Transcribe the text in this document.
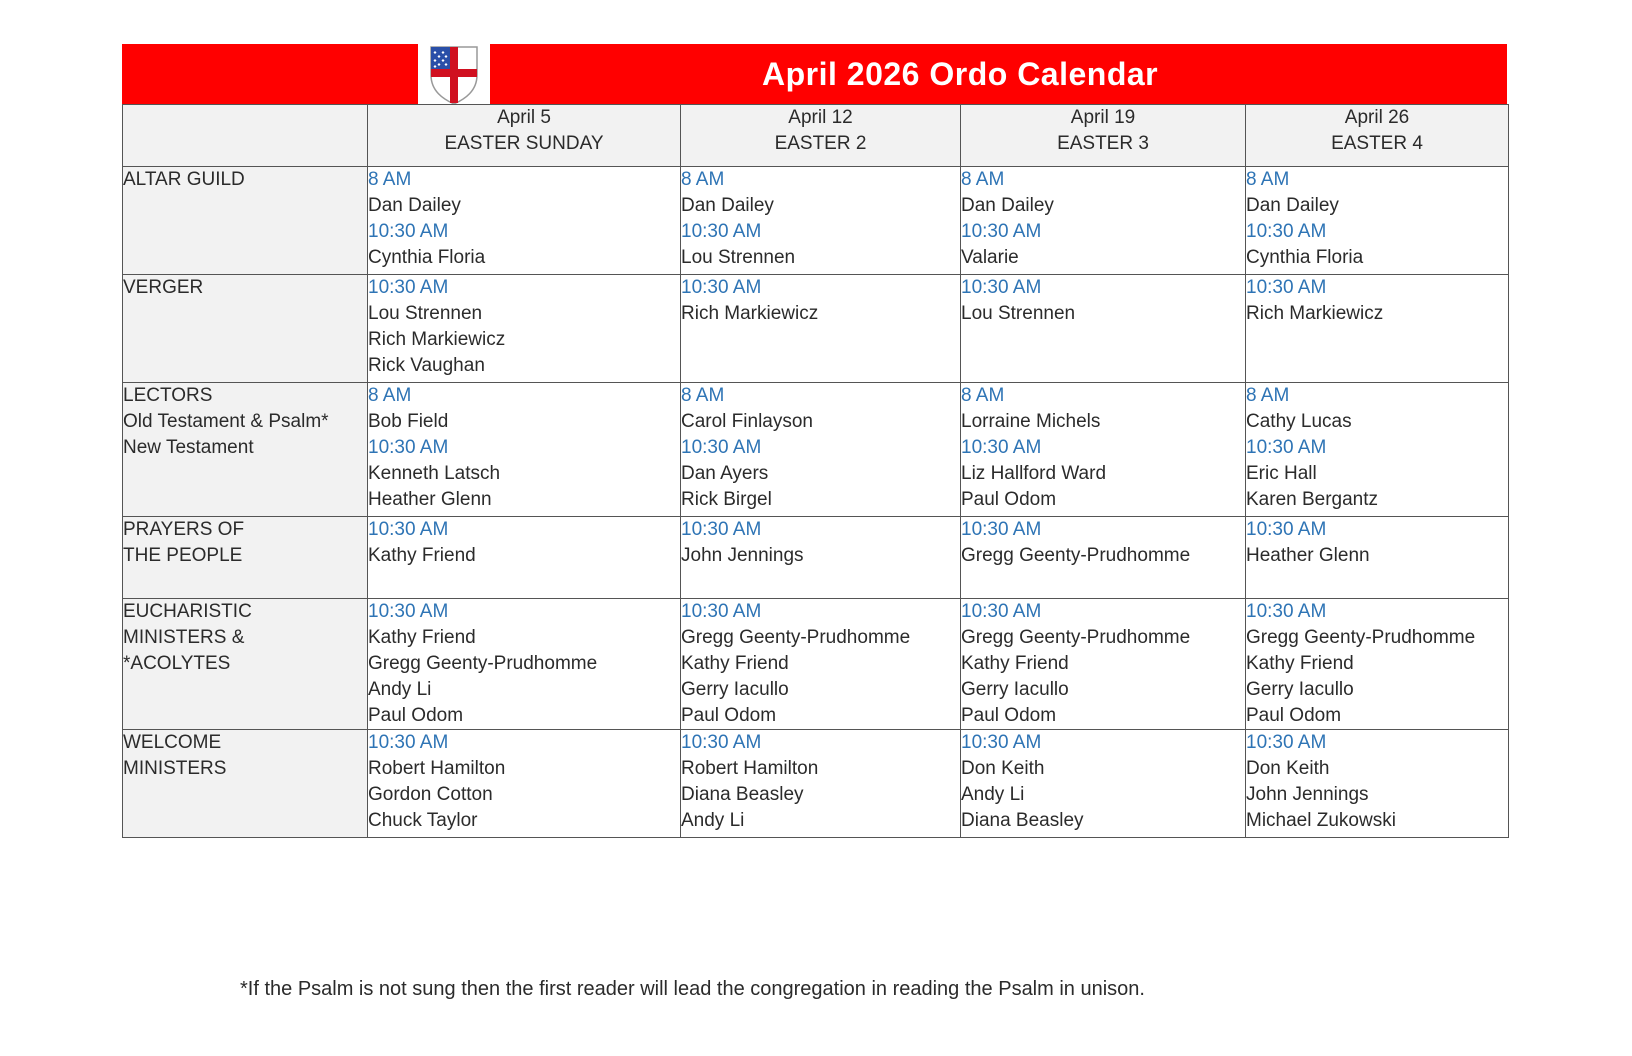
April 2026 Ordo Calendar

	April 5
EASTER SUNDAY	April 12
EASTER 2	April 19
EASTER 3	April 26
EASTER 4

ALTAR GUILD	8 AM
Dan Dailey
10:30 AM
Cynthia Floria	8 AM
Dan Dailey
10:30 AM
Lou Strennen	8 AM
Dan Dailey
10:30 AM
Valarie	8 AM
Dan Dailey
10:30 AM
Cynthia Floria

VERGER	10:30 AM
Lou Strennen
Rich Markiewicz
Rick Vaughan	10:30 AM
Rich Markiewicz	10:30 AM
Lou Strennen	10:30 AM
Rich Markiewicz

LECTORS
Old Testament & Psalm*
New Testament	8 AM
Bob Field
10:30 AM
Kenneth Latsch
Heather Glenn	8 AM
Carol Finlayson
10:30 AM
Dan Ayers
Rick Birgel	8 AM
Lorraine Michels
10:30 AM
Liz Hallford Ward
Paul Odom	8 AM
Cathy Lucas
10:30 AM
Eric Hall
Karen Bergantz

PRAYERS OF
THE PEOPLE	10:30 AM
Kathy Friend	10:30 AM
John Jennings	10:30 AM
Gregg Geenty-Prudhomme	10:30 AM
Heather Glenn

EUCHARISTIC
MINISTERS &
*ACOLYTES	10:30 AM
Kathy Friend
Gregg Geenty-Prudhomme
Andy Li
Paul Odom	10:30 AM
Gregg Geenty-Prudhomme
Kathy Friend
Gerry Iacullo
Paul Odom	10:30 AM
Gregg Geenty-Prudhomme
Kathy Friend
Gerry Iacullo
Paul Odom	10:30 AM
Gregg Geenty-Prudhomme
Kathy Friend
Gerry Iacullo
Paul Odom

WELCOME
MINISTERS	10:30 AM
Robert Hamilton
Gordon Cotton
Chuck Taylor	10:30 AM
Robert Hamilton
Diana Beasley
Andy Li	10:30 AM
Don Keith
Andy Li
Diana Beasley	10:30 AM
Don Keith
John Jennings
Michael Zukowski
*If the Psalm is not sung then the first reader will lead the congregation in reading the Psalm in unison.
